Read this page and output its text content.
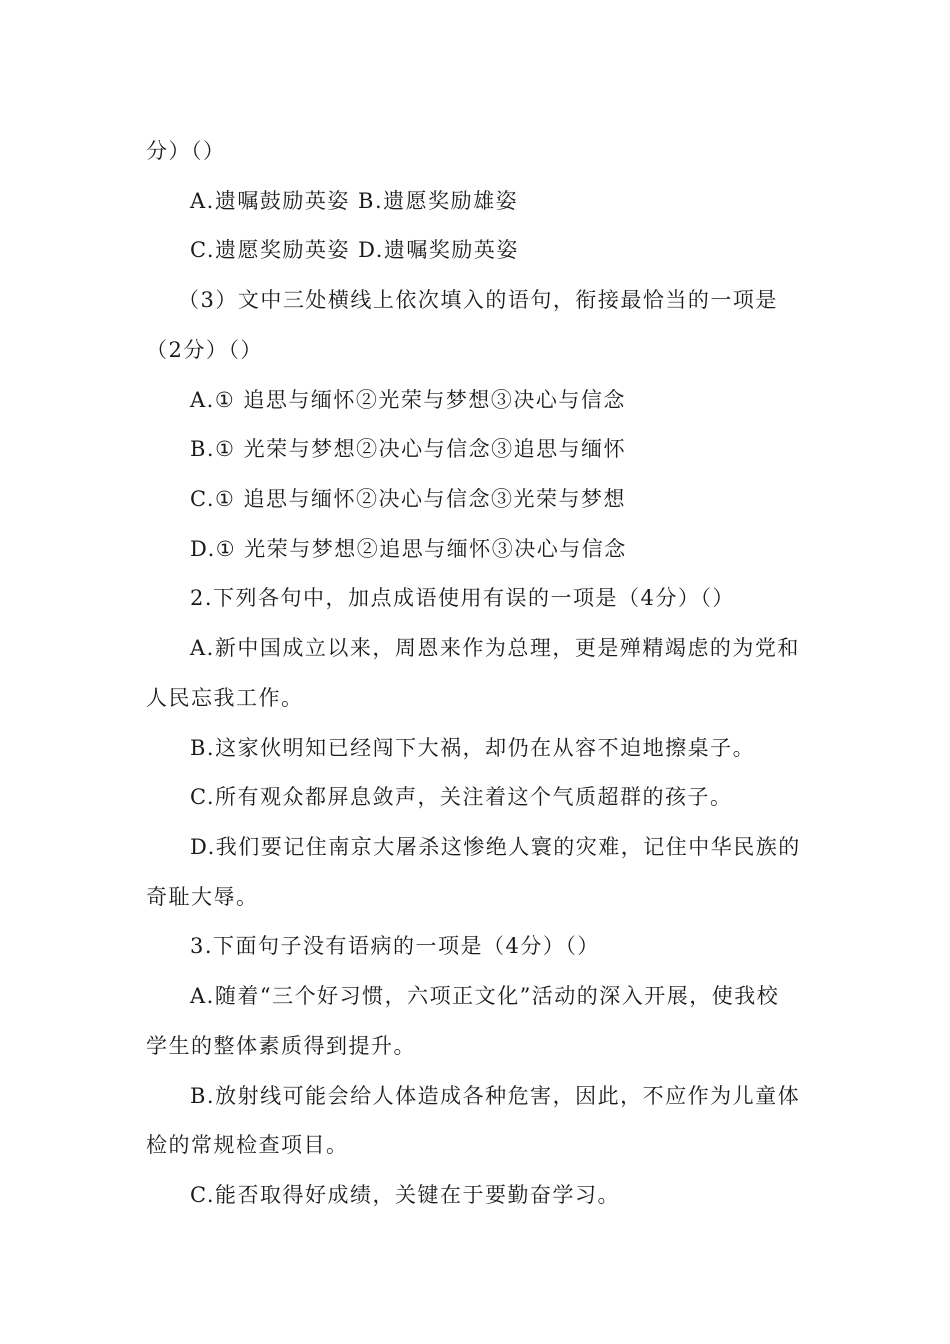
分）（）
A.遗嘱鼓励英姿 B.遗愿奖励雄姿
C.遗愿奖励英姿 D.遗嘱奖励英姿
（3）文中三处横线上依次填入的语句，衔接最恰当的一项是
（2分）（）
A.① 追思与缅怀②光荣与梦想③决心与信念
B.① 光荣与梦想②决心与信念③追思与缅怀
C.① 追思与缅怀②决心与信念③光荣与梦想
D.① 光荣与梦想②追思与缅怀③决心与信念
2.下列各句中，加点成语使用有误的一项是（4分）（）
A.新中国成立以来，周恩来作为总理，更是殚精竭虑的为党和
人民忘我工作。
B.这家伙明知已经闯下大祸，却仍在从容不迫地擦桌子。
C.所有观众都屏息敛声，关注着这个气质超群的孩子。
D.我们要记住南京大屠杀这惨绝人寰的灾难，记住中华民族的
奇耻大辱。
3.下面句子没有语病的一项是（4分）（）
A.随着“三个好习惯，六项正文化”活动的深入开展，使我校
学生的整体素质得到提升。
B.放射线可能会给人体造成各种危害，因此，不应作为儿童体
检的常规检查项目。
C.能否取得好成绩，关键在于要勤奋学习。
